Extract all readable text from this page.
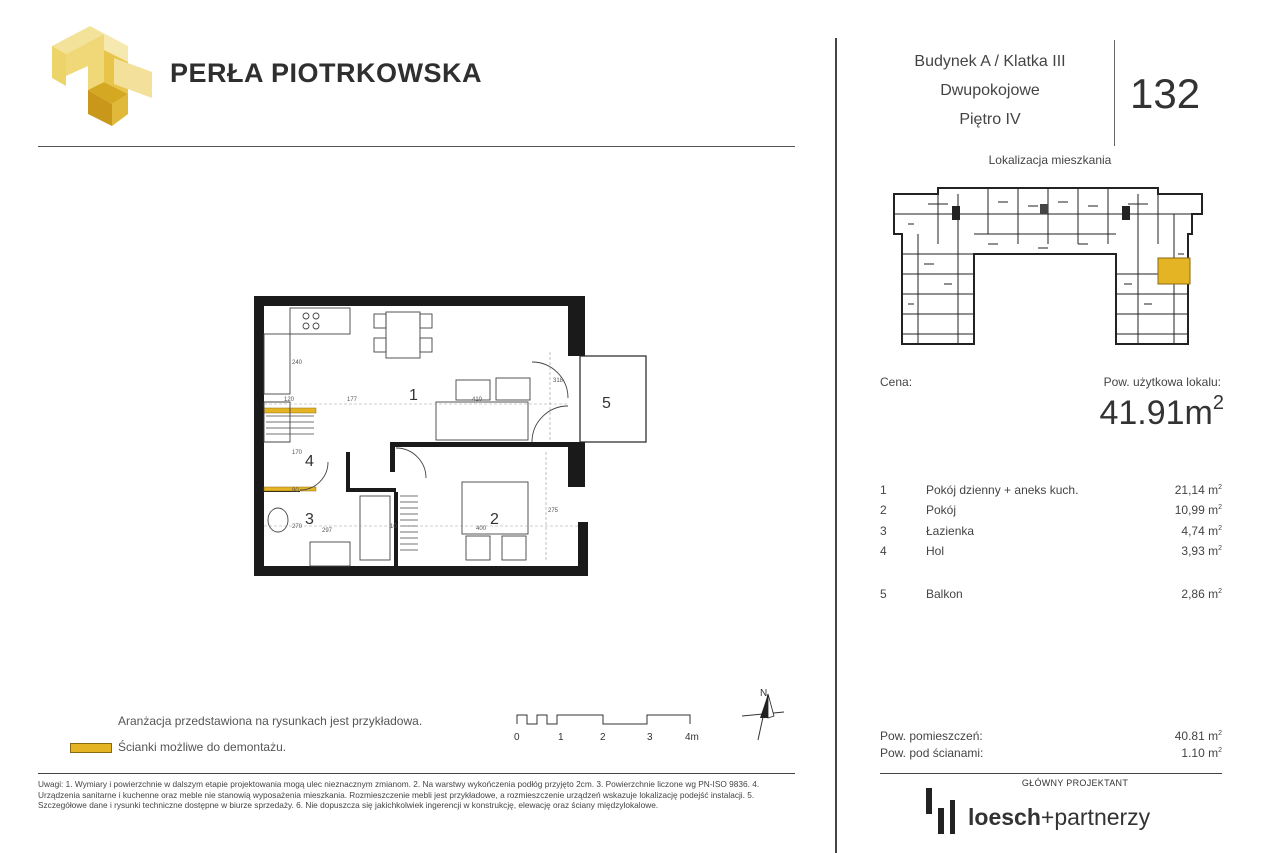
PERŁA PIOTRKOWSKA	Budynek A / Klatka III
Dwupokojowe
Piętro IV
132
Lokalizacja mieszkania
Cena:	Pow. użytkowa lokalu:
$41.91m^2$
1	Pokój dzienny + aneks kuch.	21,14 $m^2$
2	Pokój	10,99 $m^2$
3	Łazienka	4,74 $m^2$
4	Hol	3,93 $m^2$
5	Balkon	2,86 $m^2$
Pow. pomieszczeń:	40.81 $m^2$
Pow. pod ścianami:	1.10 $m^2$
GŁÓWNY PROJEKTANT
loesch+partnerzy
1
2
3
4
5
177	410
318
120
170
240
297	400
275
10
90
270
Aranżacja przedstawiona na rysunkach jest przykładowa.
Ścianki możliwe do demontażu.
0	1	2	3	4m
N
Uwagi: 1. Wymiary i powierzchnie w dalszym etapie projektowania mogą ulec nieznacznym zmianom. 2. Na warstwy wykończenia podłóg przyjęto 2cm. 3. Powierzchnie liczone wg PN-ISO 9836. 4. Urządzenia sanitarne i kuchenne oraz meble nie stanowią wyposażenia mieszkania. Rozmieszczenie mebli jest przykładowe, a rozmieszczenie urządzeń wskazuje lokalizację podejść instalacji. 5. Szczegółowe dane i rysunki techniczne dostępne w biurze sprzedaży. 6. Nie dopuszcza się jakichkolwiek ingerencji w konstrukcję, elewację oraz ściany międzylokalowe.
